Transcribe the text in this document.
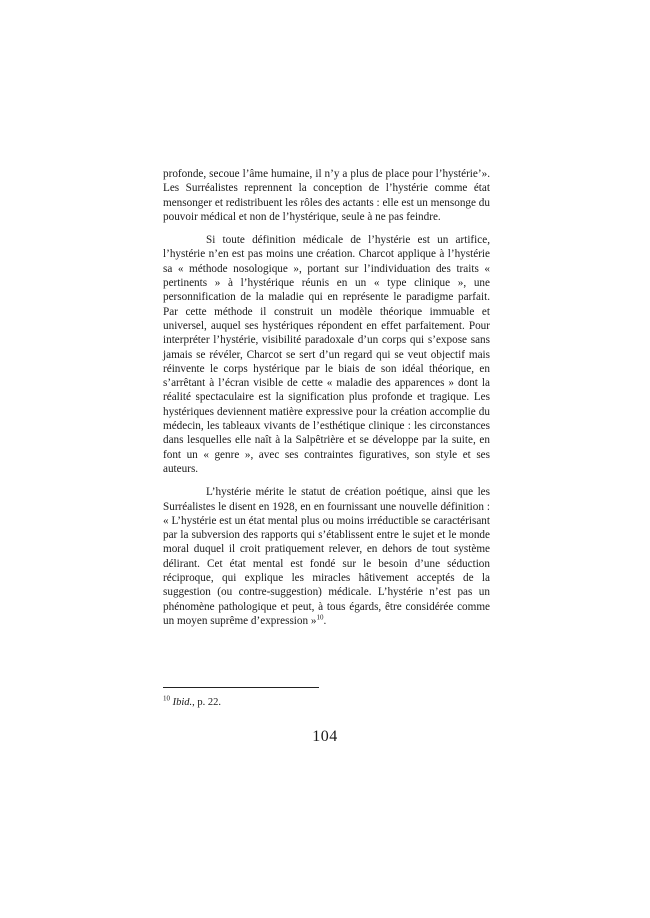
profonde, secoue l’âme humaine, il n’y a plus de place pour l’hystérie’». Les Surréalistes reprennent la conception de l’hystérie comme état mensonger et redistribuent les rôles des actants : elle est un mensonge du pouvoir médical et non de l’hystérique, seule à ne pas feindre.

Si toute définition médicale de l’hystérie est un artifice, l’hystérie n’en est pas moins une création. Charcot applique à l’hystérie sa « méthode nosologique », portant sur l’individuation des traits « pertinents » à l’hystérique réunis en un « type clinique », une personnification de la maladie qui en représente le paradigme parfait. Par cette méthode il construit un modèle théorique immuable et universel, auquel ses hystériques répondent en effet parfaitement. Pour interpréter l’hystérie, visibilité paradoxale d’un corps qui s’expose sans jamais se révéler, Charcot se sert d’un regard qui se veut objectif mais réinvente le corps hystérique par le biais de son idéal théorique, en s’arrêtant à l’écran visible de cette « maladie des apparences » dont la réalité spectaculaire est la signification plus profonde et tragique. Les hystériques deviennent matière expressive pour la création accomplie du médecin, les tableaux vivants de l’esthétique clinique : les circonstances dans lesquelles elle naît à la Salpêtrière et se développe par la suite, en font un « genre », avec ses contraintes figuratives, son style et ses auteurs.

L’hystérie mérite le statut de création poétique, ainsi que les Surréalistes le disent en 1928, en en fournissant une nouvelle définition : « L’hystérie est un état mental plus ou moins irréductible se caractérisant par la subversion des rapports qui s’établissent entre le sujet et le monde moral duquel il croit pratiquement relever, en dehors de tout système délirant. Cet état mental est fondé sur le besoin d’une séduction réciproque, qui explique les miracles hâtivement acceptés de la suggestion (ou contre-suggestion) médicale. L’hystérie n’est pas un phénomène pathologique et peut, à tous égards, être considérée comme un moyen suprême d’expression »$^{10}$.

$^{10}$ Ibid., p. 22.
104
